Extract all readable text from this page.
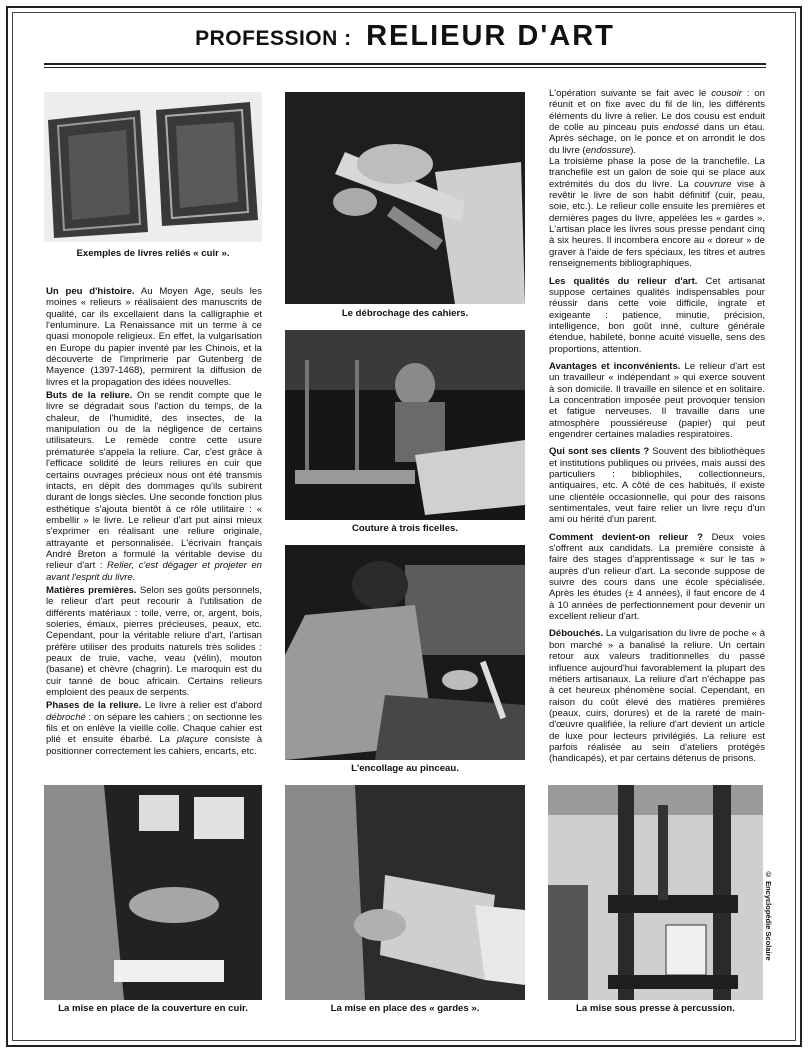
PROFESSION : RELIEUR D'ART
Exemples de livres reliés « cuir ».
Le débrochage des cahiers.
Couture à trois ficelles.
L'encollage au pinceau.
La mise en place de la couverture en cuir.	La mise en place des « gardes ».	La mise sous presse à percussion.
© Encyclopédie Scolaire

Un peu d'histoire. Au Moyen Age, seuls les moines « relieurs » réalisaient des manuscrits de qualité, car ils excellaient dans la calligraphie et l'enluminure. La Renaissance mit un terme à ce quasi monopole religieux. En effet, la vulgarisation en Europe du papier inventé par les Chinois, et la découverte de l'imprimerie par Gutenberg de Mayence (1397-1468), permirent la diffusion de livres et la propagation des idées nouvelles.

Buts de la reliure. On se rendit compte que le livre se dégradait sous l'action du temps, de la chaleur, de l'humidité, des insectes, de la manipulation ou de la négligence de certains utilisateurs. Le remède contre cette usure prématurée s'appela la reliure. Car, c'est grâce à l'efficace solidité de leurs reliures en cuir que certains ouvrages précieux nous ont été transmis intacts, en dépit des dommages qu'ils subirent durant de longs siècles. Une seconde fonction plus esthétique s'ajouta bientôt à ce rôle utilitaire : « embellir » le livre. Le relieur d'art put ainsi mieux s'exprimer en réalisant une reliure originale, attrayante et personnalisée. L'écrivain français André Breton a formulé la véritable devise du relieur d'art : Relier, c'est dégager et projeter en avant l'esprit du livre.

Matières premières. Selon ses goûts personnels, le relieur d'art peut recourir à l'utilisation de différents matériaux : toile, verre, or, argent, bois, soieries, émaux, pierres précieuses, peaux, etc. Cependant, pour la véritable reliure d'art, l'artisan préfère utiliser des produits naturels très solides : peaux de truie, vache, veau (vélin), mouton (basane) et chèvre (chagrin). Le maroquin est du cuir tanné de bouc africain. Certains relieurs emploient des peaux de serpents.

Phases de la reliure. Le livre à relier est d'abord débroché : on sépare les cahiers ; on sectionne les fils et on enlève la vieille colle. Chaque cahier est plié et ensuite ébarbé. La plaçure consiste à positionner correctement les cahiers, encarts, etc.

L'opération suivante se fait avec le cousoir : on réunit et on fixe avec du fil de lin, les différents éléments du livre à relier. Le dos cousu est enduit de colle au pinceau puis endossé dans un étau. Après séchage, on le ponce et on arrondit le dos du livre (endossure).

La troisième phase la pose de la tranchefile. La tranchefile est un galon de soie qui se place aux extrémités du dos du livre. La couvrure vise à revêtir le livre de son habit définitif (cuir, peau, soie, etc.). Le relieur colle ensuite les premières et dernières pages du livre, appelées les « gardes ». L'artisan place les livres sous presse pendant cinq à six heures. Il incombera encore au « doreur » de graver à l'aide de fers spéciaux, les titres et autres renseignements bibliographiques.

Les qualités du relieur d'art. Cet artisanat suppose certaines qualités indispensables pour réussir dans cette voie difficile, ingrate et exigeante : patience, minutie, précision, intelligence, bon goût inné, culture générale étendue, habileté, bonne acuité visuelle, sens des proportions, attention.

Avantages et inconvénients. Le relieur d'art est un travailleur « indépendant » qui exerce souvent à son domicile. Il travaille en silence et en solitaire. La concentration imposée peut provoquer tension et fatigue nerveuses. Il travaille dans une atmosphère poussiéreuse (papier) qui peut engendrer certaines maladies respiratoires.

Qui sont ses clients ? Souvent des bibliothèques et institutions publiques ou privées, mais aussi des particuliers : bibliophiles, collectionneurs, antiquaires, etc. A côté de ces habitués, il existe une clientèle occasionnelle, qui pour des raisons sentimentales, veut faire relier un livre reçu d'un ami ou hérité d'un parent.

Comment devient-on relieur ? Deux voies s'offrent aux candidats. La première consiste à faire des stages d'apprentissage « sur le tas » auprès d'un relieur d'art. La seconde suppose de suivre des cours dans une école spécialisée. Après les études (± 4 années), il faut encore de 4 à 10 années de perfectionnement pour devenir un excellent relieur d'art.

Débouchés. La vulgarisation du livre de poche « à bon marché » a banalisé la reliure. Un certain retour aux valeurs traditionnelles du passé influence aujourd'hui favorablement la plupart des métiers artisanaux. La reliure d'art n'échappe pas à cet heureux phénomène social. Cependant, en raison du coût élevé des matières premières (peaux, cuirs, dorures) et de la rareté de main-d'œuvre qualifiée, la reliure d'art devient un article de luxe pour lecteurs privilégiés. La reliure est parfois réalisée au sein d'ateliers protégés (handicapés), et par certains détenus de prisons.
